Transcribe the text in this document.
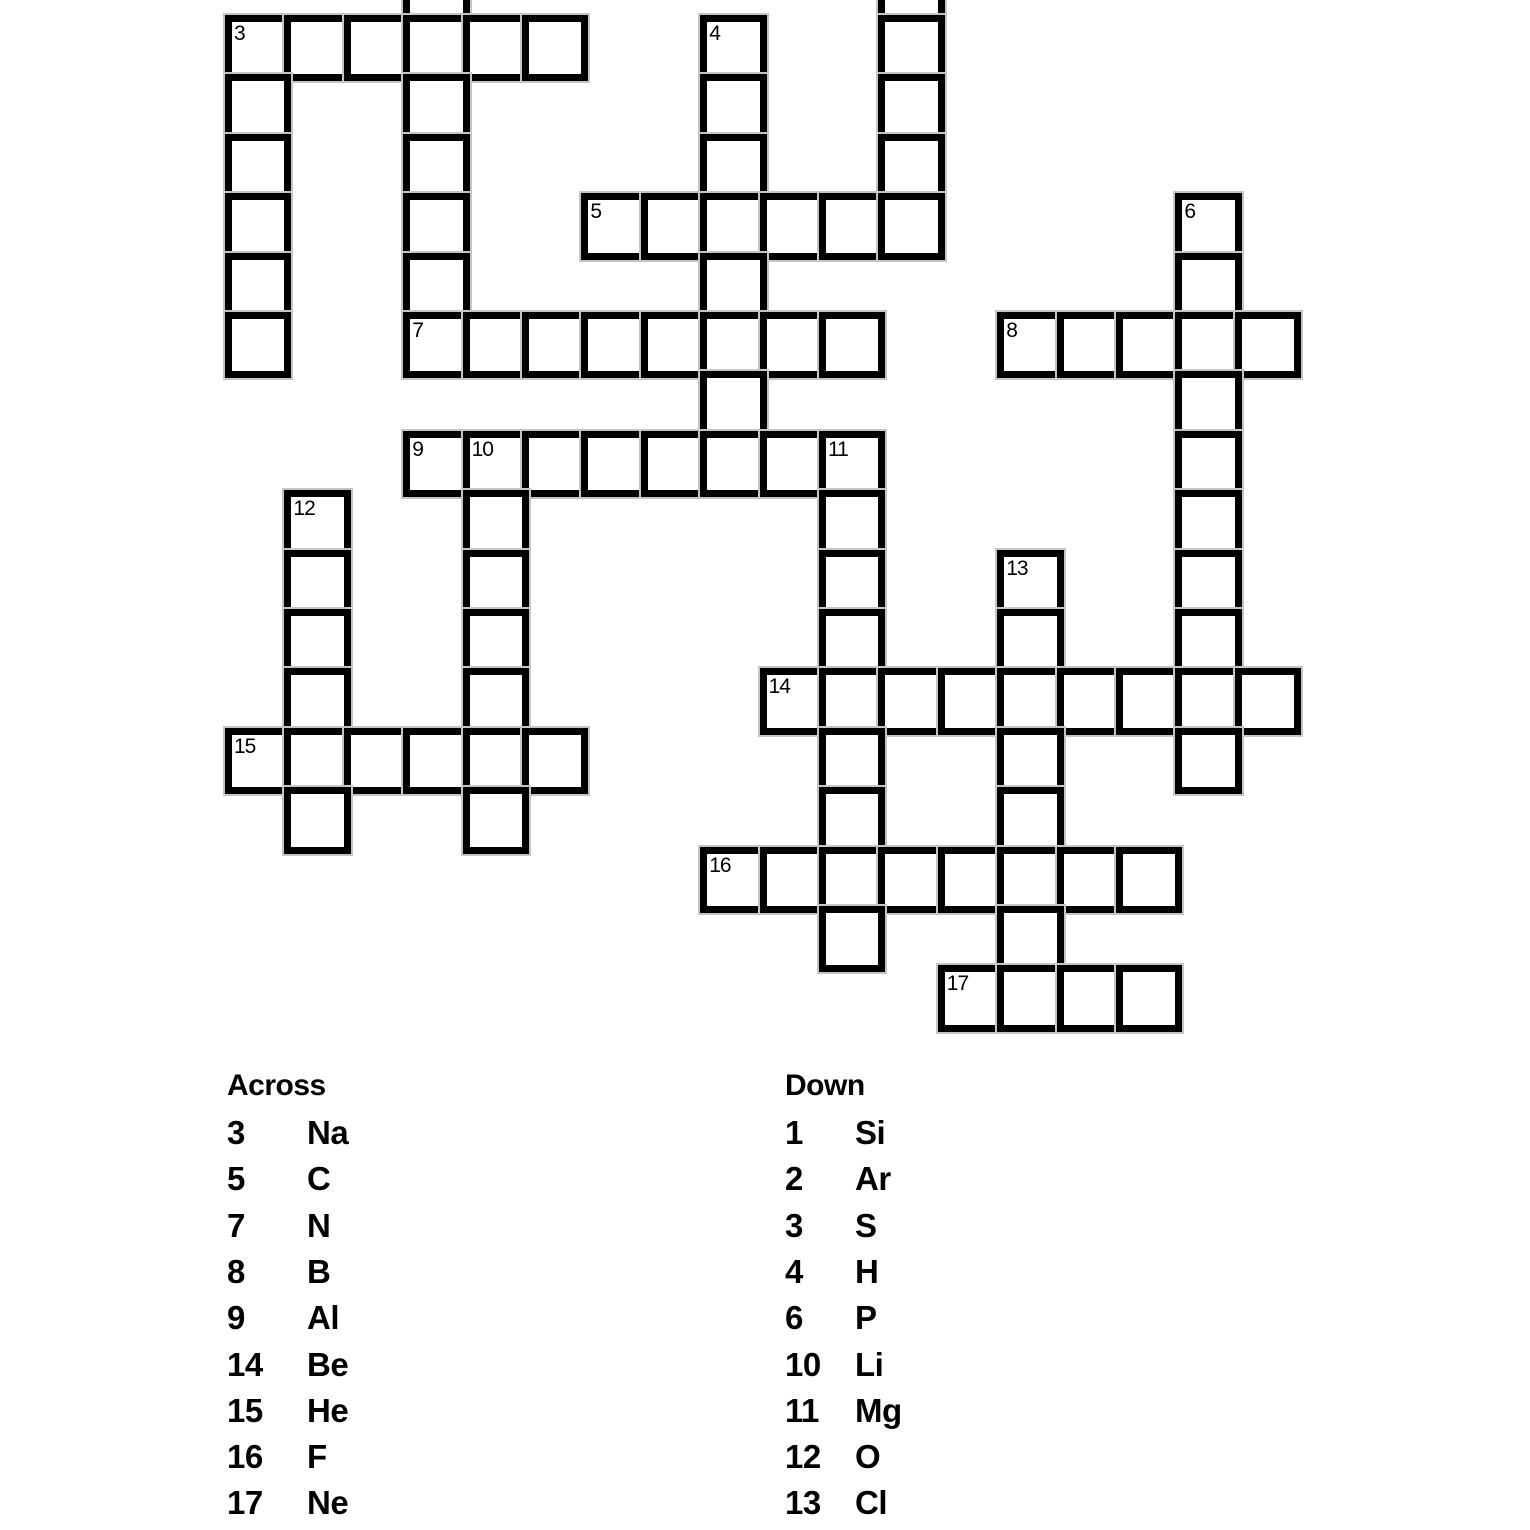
3	4
5	6
7	8
9 10	11
12
13
14
15
16
17
Across	Down
3 Na
5 C
7 N
8 B
9 Al
14 Be
15 He
16 F
17 Ne
1 Si
2 Ar
3 S
4 H
6 P
10 Li
11 Mg
12 O
13 Cl
